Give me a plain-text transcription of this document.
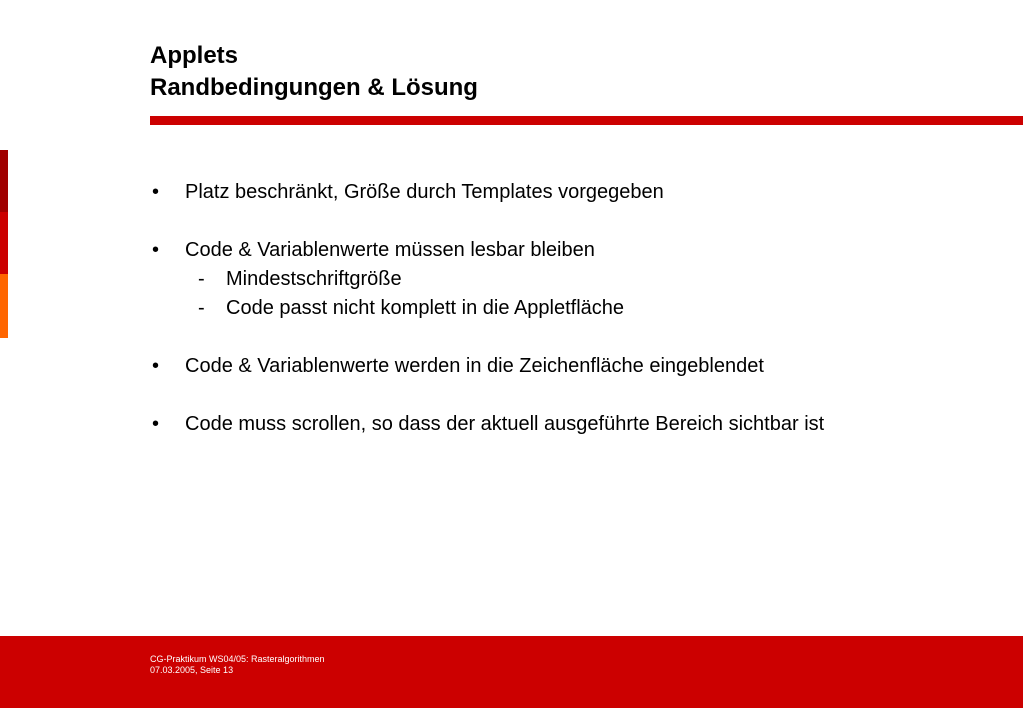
Applets
Randbedingungen & Lösung
•	Platz beschränkt, Größe durch Templates vorgegeben
•	Code & Variablenwerte müssen lesbar bleiben
-	Mindestschriftgröße
-	Code passt nicht komplett in die Appletfläche
•	Code & Variablenwerte werden in die Zeichenfläche eingeblendet
•	Code muss scrollen, so dass der aktuell ausgeführte Bereich sichtbar ist
CG-Praktikum WS04/05: Rasteralgorithmen
07.03.2005, Seite 13
